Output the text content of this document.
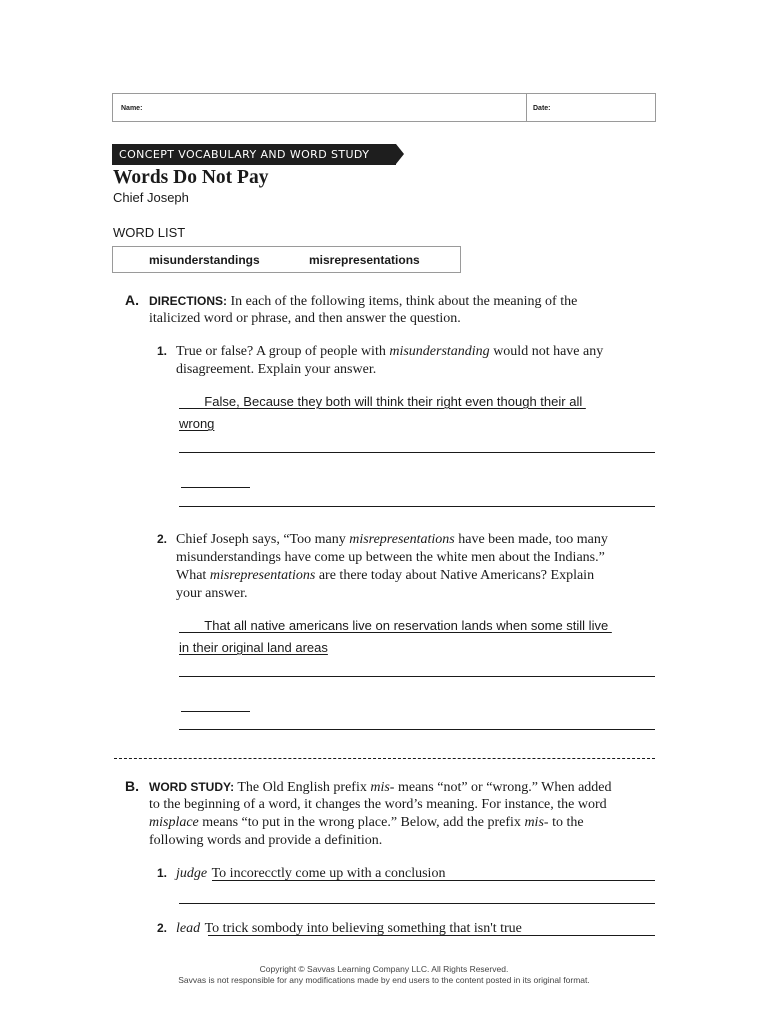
Name:	Date:
CONCEPT VOCABULARY AND WORD STUDY
Words Do Not Pay
Chief Joseph
WORD LIST
misunderstandings	misrepresentations
A. DIRECTIONS: In each of the following items, think about the meaning of the
italicized word or phrase, and then answer the question.
1. True or false? A group of people with misunderstanding would not have any
disagreement. Explain your answer.
False, Because they both will think their right even though their all
wrong
2. Chief Joseph says, “Too many misrepresentations have been made, too many
misunderstandings have come up between the white men about the Indians.”
What misrepresentations are there today about Native Americans? Explain
your answer.
That all native americans live on reservation lands when some still live
in their original land areas
B. WORD STUDY: The Old English prefix mis- means “not” or “wrong.” When added
to the beginning of a word, it changes the word’s meaning. For instance, the word
misplace means “to put in the wrong place.” Below, add the prefix mis- to the
following words and provide a definition.
1. judge To incorecctly come up with a conclusion
2. lead To trick sombody into believing something that isn't true
Copyright © Savvas Learning Company LLC. All Rights Reserved.
Savvas is not responsible for any modifications made by end users to the content posted in its original format.
